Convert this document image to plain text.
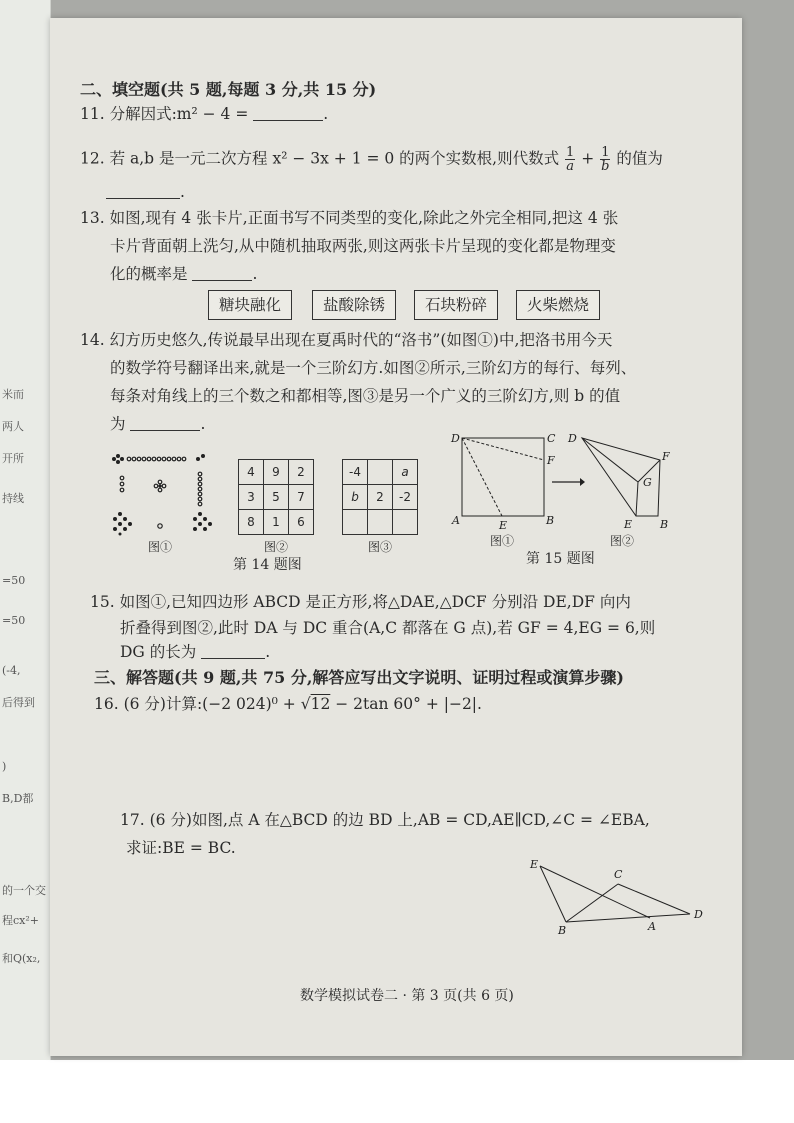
米而
两人
开所
持线
=50
=50
(-4,
后得到
)
B,D都
的一个交
程cx²+
和Q(x₂,
二、填空题(共 5 题,每题 3 分,共 15 分)
11. 分解因式:m² − 4 =	.
12. 若 a,b 是一元二次方程 x² − 3x + 1 = 0 的两个实数根,则代数式 $\frac{1}{a} + \frac{1}{b}$ 的值为
.
13. 如图,现有 4 张卡片,正面书写不同类型的变化,除此之外完全相同,把这 4 张
卡片背面朝上洗匀,从中随机抽取两张,则这两张卡片呈现的变化都是物理变
化的概率是	.
糖块融化	盐酸除锈	石块粉碎	火柴燃烧
14. 幻方历史悠久,传说最早出现在夏禹时代的“洛书”(如图①)中,把洛书用今天
的数学符号翻译出来,就是一个三阶幻方.如图②所示,三阶幻方的每行、每列、
每条对角线上的三个数之和都相等,图③是另一个广义的三阶幻方,则 b 的值
为	.
图①
4	9	2
3	5	7
8	1	6
图②
-4		a
b	2	-2

图③
第 14 题图
D	C
F
A	E	B
图①
D
F
G
E	B
图②
第 15 题图
15. 如图①,已知四边形 ABCD 是正方形,将△DAE,△DCF 分别沿 DE,DF 向内
折叠得到图②,此时 DA 与 DC 重合(A,C 都落在 G 点),若 GF = 4,EG = 6,则
DG 的长为	.
三、解答题(共 9 题,共 75 分,解答应写出文字说明、证明过程或演算步骤)
16. (6 分)计算:(−2 024)⁰ + √12 − 2tan 60° + |−2|.
17. (6 分)如图,点 A 在△BCD 的边 BD 上,AB = CD,AE∥CD,∠C = ∠EBA,
求证:BE = BC.
E
C
B	A
D
数学模拟试卷二 · 第 3 页(共 6 页)
